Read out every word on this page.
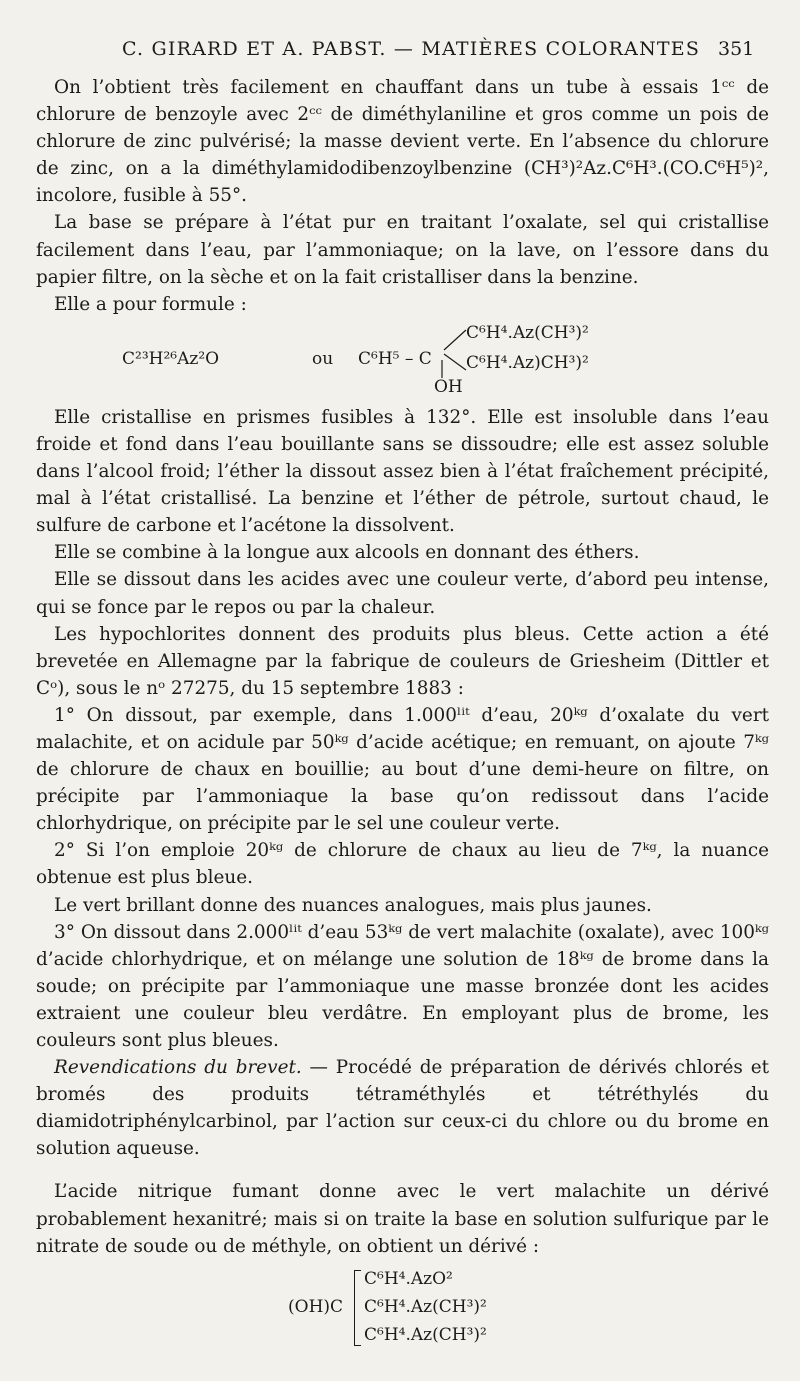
C. GIRARD ET A. PABST. — MATIÈRES COLORANTES 351

On l’obtient très facilement en chauffant dans un tube à essais 1ᶜᶜ de chlorure de benzoyle avec 2ᶜᶜ de diméthylaniline et gros comme un pois de chlorure de zinc pulvérisé; la masse devient verte. En l’absence du chlorure de zinc, on a la diméthylamidodibenzoylbenzine (CH³)²Az.C⁶H³.(CO.C⁶H⁵)², incolore, fusible à 55°.

La base se prépare à l’état pur en traitant l’oxalate, sel qui cristallise facilement dans l’eau, par l’ammoniaque; on la lave, on l’essore dans du papier filtre, on la sèche et on la fait cristalliser dans la benzine.

Elle a pour formule :

C²³H²⁶Az²O	ou C⁶H⁵ – C
C⁶H⁴.Az(CH³)²
C⁶H⁴.Az)CH³)²
OH

Elle cristallise en prismes fusibles à 132°. Elle est insoluble dans l’eau froide et fond dans l’eau bouillante sans se dissoudre; elle est assez soluble dans l’alcool froid; l’éther la dissout assez bien à l’état fraîchement précipité, mal à l’état cristallisé. La benzine et l’éther de pétrole, surtout chaud, le sulfure de carbone et l’acétone la dissolvent.

Elle se combine à la longue aux alcools en donnant des éthers.

Elle se dissout dans les acides avec une couleur verte, d’abord peu intense, qui se fonce par le repos ou par la chaleur.

Les hypochlorites donnent des produits plus bleus. Cette action a été brevetée en Allemagne par la fabrique de couleurs de Griesheim (Dittler et Cᵒ), sous le nᵒ 27275, du 15 septembre 1883 :

1° On dissout, par exemple, dans 1.000ˡⁱᵗ d’eau, 20ᵏᵍ d’oxalate du vert malachite, et on acidule par 50ᵏᵍ d’acide acétique; en remuant, on ajoute 7ᵏᵍ de chlorure de chaux en bouillie; au bout d’une demi-heure on filtre, on précipite par l’ammoniaque la base qu’on redissout dans l’acide chlorhydrique, on précipite par le sel une couleur verte.

2° Si l’on emploie 20ᵏᵍ de chlorure de chaux au lieu de 7ᵏᵍ, la nuance obtenue est plus bleue.

Le vert brillant donne des nuances analogues, mais plus jaunes.

3° On dissout dans 2.000ˡⁱᵗ d’eau 53ᵏᵍ de vert malachite (oxalate), avec 100ᵏᵍ d’acide chlorhydrique, et on mélange une solution de 18ᵏᵍ de brome dans la soude; on précipite par l’ammoniaque une masse bronzée dont les acides extraient une couleur bleu verdâtre. En employant plus de brome, les couleurs sont plus bleues.

Revendications du brevet. — Procédé de préparation de dérivés chlorés et bromés des produits tétraméthylés et tétréthylés du diamidotriphénylcarbinol, par l’action sur ceux-ci du chlore ou du brome en solution aqueuse.

L’acide nitrique fumant donne avec le vert malachite un dérivé probablement hexanitré; mais si on traite la base en solution sulfurique par le nitrate de soude ou de méthyle, on obtient un dérivé :

(OH)C
C⁶H⁴.AzO²
C⁶H⁴.Az(CH³)²
C⁶H⁴.Az(CH³)²
